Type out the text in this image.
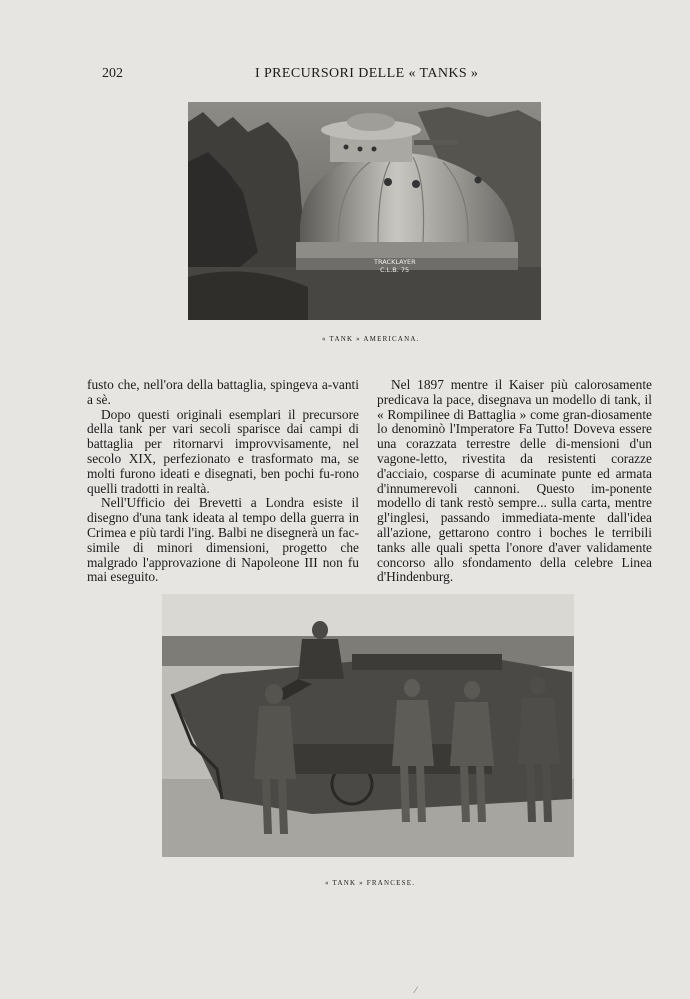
202	I PRECURSORI DELLE « TANKS »
TRACKLAYER
C.L.B. 75
« TANK » AMERICANA.

fusto che, nell'ora della battaglia, spingeva a-vanti a sè.

Dopo questi originali esemplari il precursore della tank per vari secoli sparisce dai campi di battaglia per ritornarvi improvvisamente, nel secolo XIX, perfezionato e trasformato ma, se molti furono ideati e disegnati, ben pochi fu-rono quelli tradotti in realtà.

Nell'Ufficio dei Brevetti a Londra esiste il disegno d'una tank ideata al tempo della guerra in Crimea e più tardi l'ing. Balbi ne disegnerà un fac-simile di minori dimensioni, progetto che malgrado l'approvazione di Napoleone III non fu mai eseguito.

Nel 1897 mentre il Kaiser più calorosamente predicava la pace, disegnava un modello di tank, il « Rompilinee di Battaglia » come gran-diosamente lo denominò l'Imperatore Fa Tutto! Doveva essere una corazzata terrestre delle di-mensioni d'un vagone-letto, rivestita da resistenti corazze d'acciaio, cosparse di acuminate punte ed armata d'innumerevoli cannoni. Questo im-ponente modello di tank restò sempre... sulla carta, mentre gl'inglesi, passando immediata-mente dall'idea all'azione, gettarono contro i boches le terribili tanks alle quali spetta l'onore d'aver validamente concorso allo sfondamento della celebre Linea d'Hindenburg.

« TANK » FRANCESE.
⁄
